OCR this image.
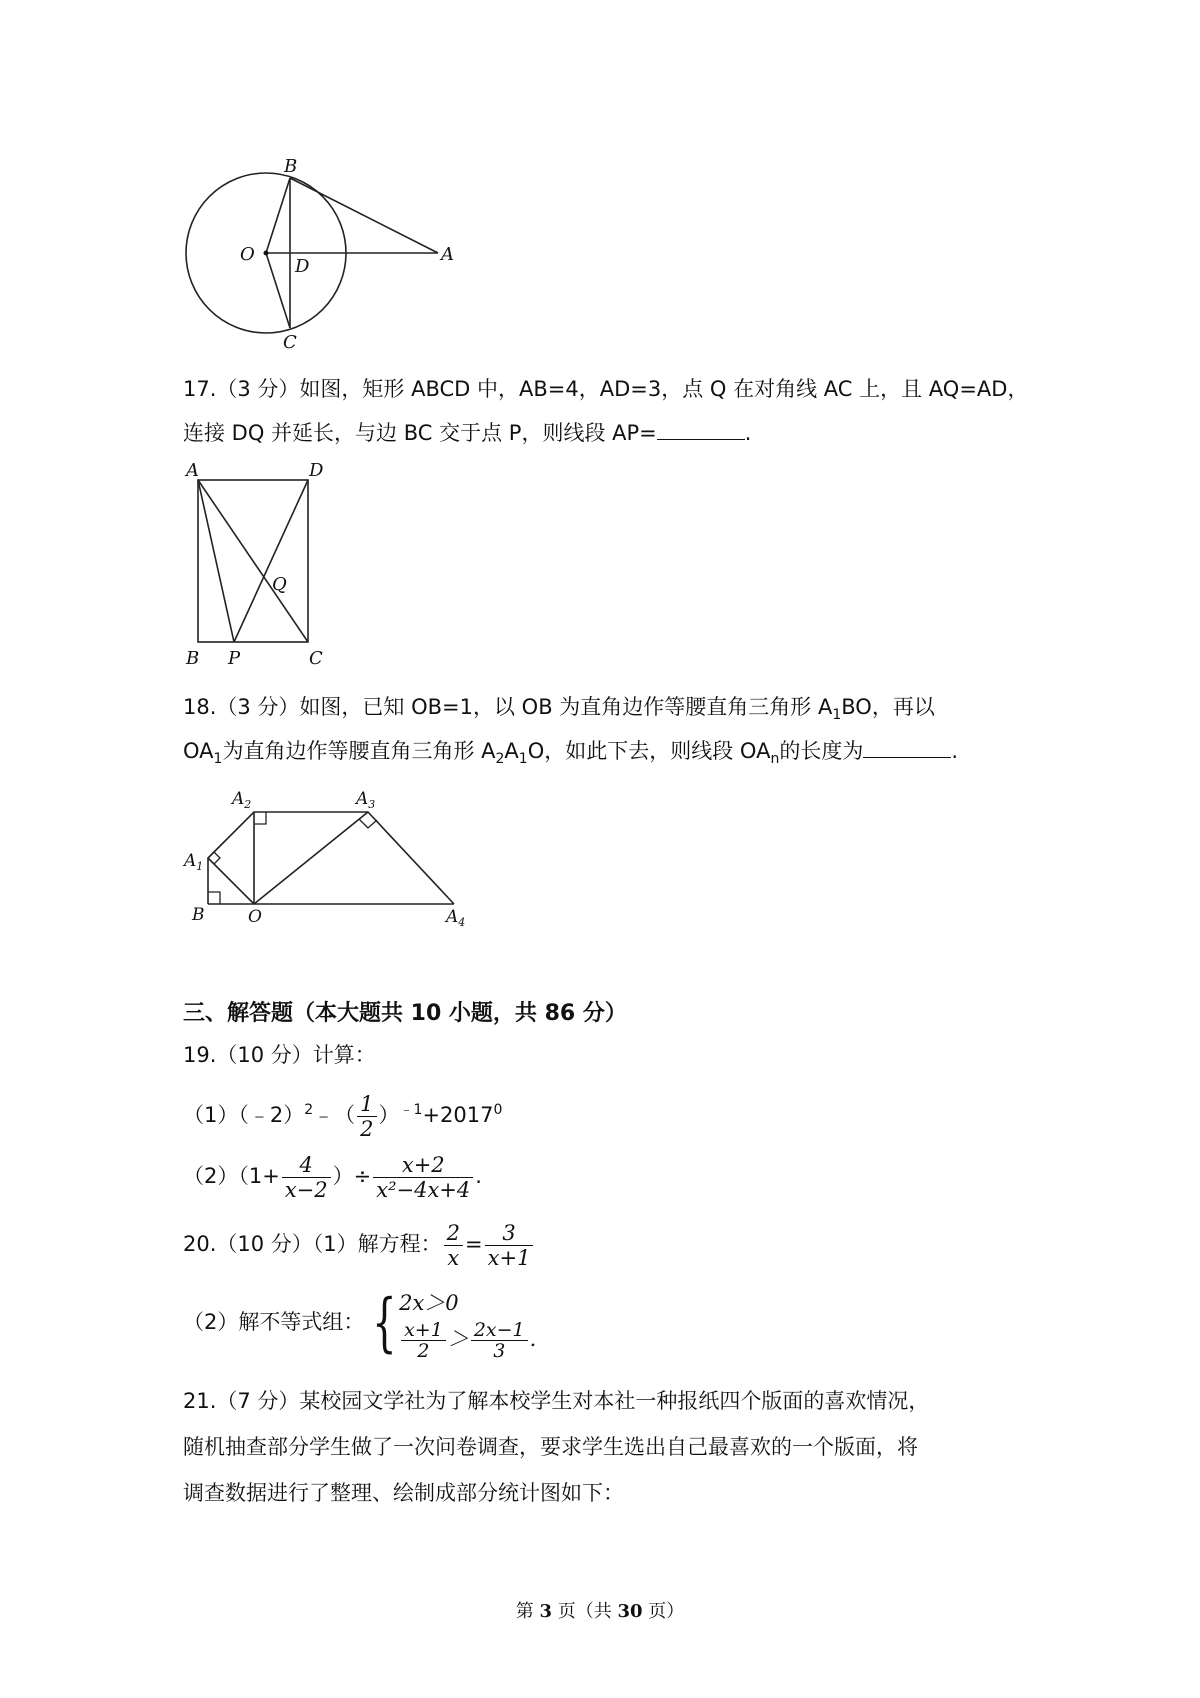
B
O
D
A
C
17.（3 分）如图，矩形 ABCD 中，AB=4，AD=3，点 Q 在对角线 AC 上，且 AQ=AD，
连接 DQ 并延长，与边 BC 交于点 P，则线段 AP=	.
A	D
Q
B P	C
18.（3 分）如图，已知 OB=1，以 OB 为直角边作等腰直角三角形 $A_1BO$，再以
$OA_1$为直角边作等腰直角三角形 $A_2A_1O$，如此下去，则线段 $OA_n$的长度为	.
$A_1$
$A_2$	$A_3$
$A_4$
B	O
三、解答题（本大题共 10 小题，共 86 分）
19.（10 分）计算：
（1）（﹣2）$^2$﹣（ $\frac{1}{2} )^{﹣1}+2017^0$
$(2)(1+ \frac{4}{x-2}$ ）÷ $\frac{x+2}{\text{x²−4x+4}}$ .
20.（10 分）（1）解方程： $\frac{2}{x} = \frac{3}{x+1}$
（2）解不等式组： { 2x＞0
$\frac{x+1}{2} > \frac{2x-1}{3}$ .
21.（7 分）某校园文学社为了解本校学生对本社一种报纸四个版面的喜欢情况，
随机抽查部分学生做了一次问卷调查，要求学生选出自己最喜欢的一个版面，将
调查数据进行了整理、绘制成部分统计图如下：
第 3 页（共 30 页）
